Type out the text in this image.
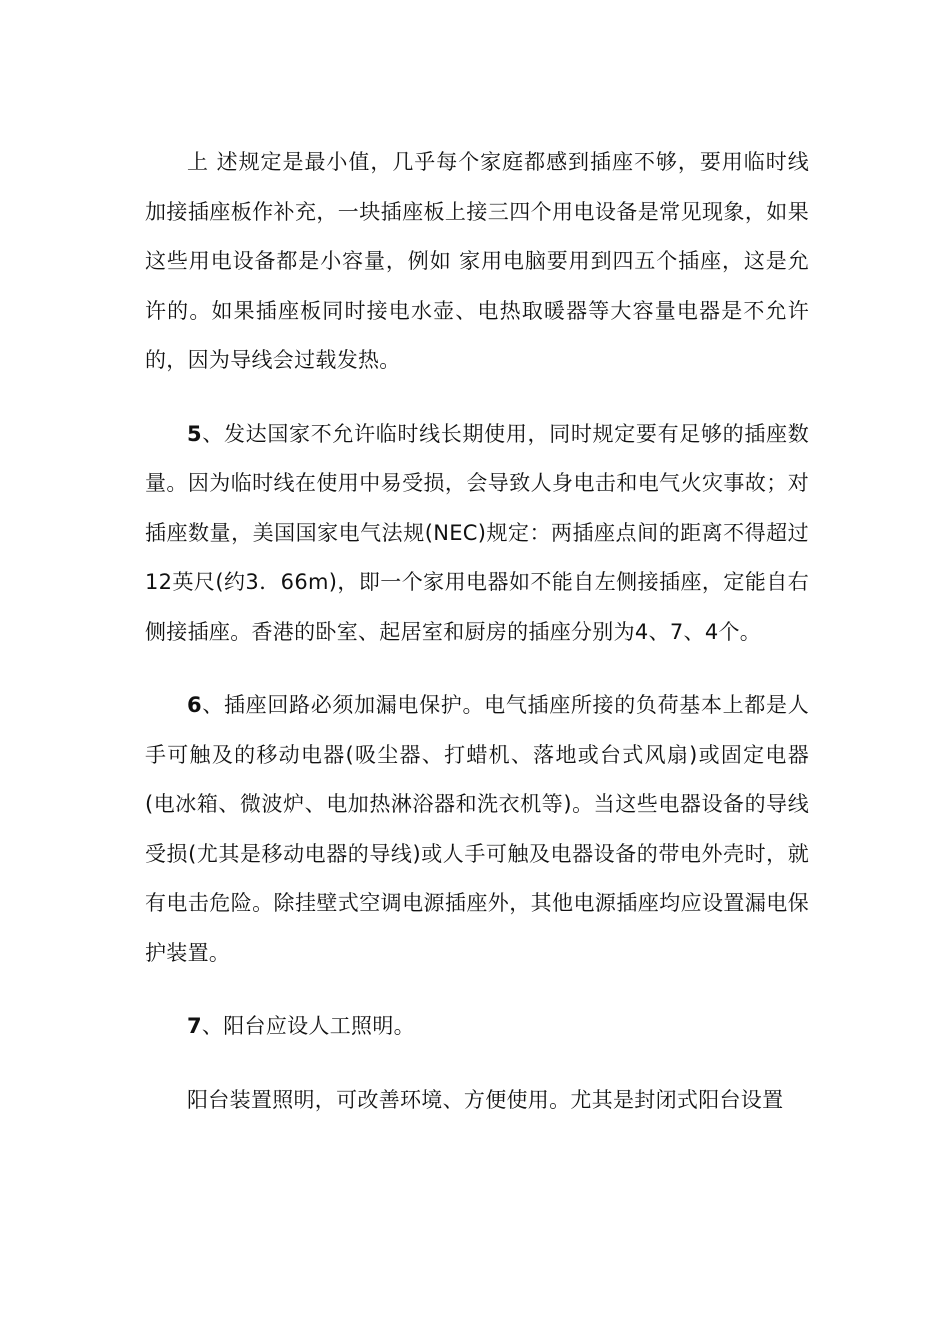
上 述规定是最小值，几乎每个家庭都感到插座不够，要用临时线加接插座板作补充，一块插座板上接三四个用电设备是常见现象，如果这些用电设备都是小容量，例如 家用电脑要用到四五个插座，这是允许的。如果插座板同时接电水壶、电热取暖器等大容量电器是不允许的，因为导线会过载发热。

5、发达国家不允许临时线长期使用，同时规定要有足够的插座数量。因为临时线在使用中易受损，会导致人身电击和电气火灾事故；对插座数量，美国国家电气法规(NEC)规定：两插座点间的距离不得超过12英尺(约3．66m)，即一个家用电器如不能自左侧接插座，定能自右侧接插座。香港的卧室、起居室和厨房的插座分别为4、7、4个。

6、插座回路必须加漏电保护。电气插座所接的负荷基本上都是人手可触及的移动电器(吸尘器、打蜡机、落地或台式风扇)或固定电器(电冰箱、微波炉、电加热淋浴器和洗衣机等)。当这些电器设备的导线受损(尤其是移动电器的导线)或人手可触及电器设备的带电外壳时，就有电击危险。除挂壁式空调电源插座外，其他电源插座均应设置漏电保护装置。

7、阳台应设人工照明。

阳台装置照明，可改善环境、方便使用。尤其是封闭式阳台设置
